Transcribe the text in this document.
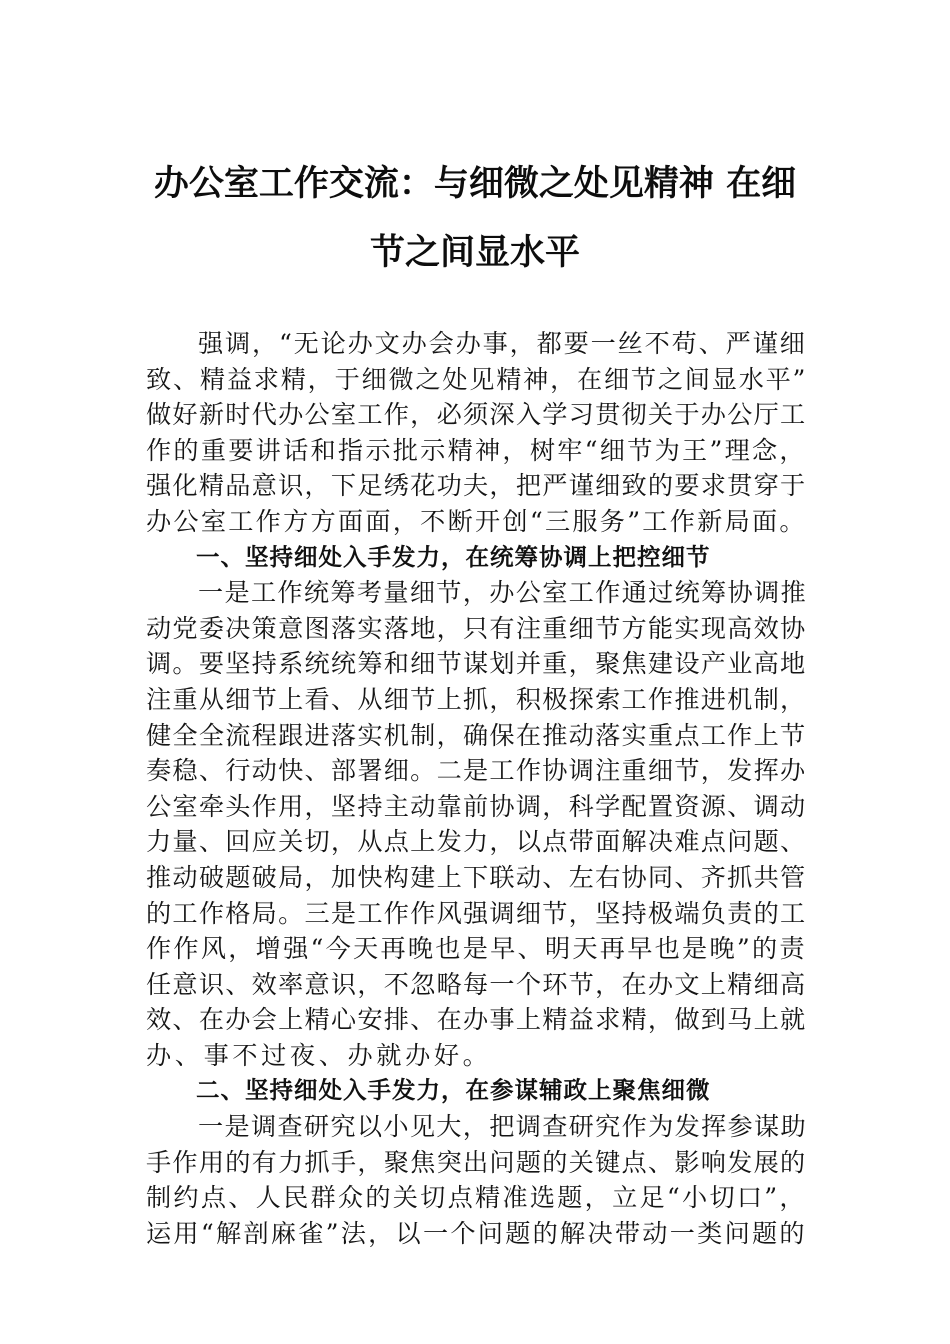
办公室工作交流：与细微之处见精神 在细
节之间显水平
强调，“无论办文办会办事，都要一丝不苟、严谨细
致、精益求精，于细微之处见精神，在细节之间显水平”
做好新时代办公室工作，必须深入学习贯彻关于办公厅工
作的重要讲话和指示批示精神，树牢“细节为王”理念，
强化精品意识，下足绣花功夫，把严谨细致的要求贯穿于
办公室工作方方面面，不断开创“三服务”工作新局面。
一、坚持细处入手发力，在统筹协调上把控细节
一是工作统筹考量细节，办公室工作通过统筹协调推
动党委决策意图落实落地，只有注重细节方能实现高效协
调。要坚持系统统筹和细节谋划并重，聚焦建设产业高地
注重从细节上看、从细节上抓，积极探索工作推进机制，
健全全流程跟进落实机制，确保在推动落实重点工作上节
奏稳、行动快、部署细。二是工作协调注重细节，发挥办
公室牵头作用，坚持主动靠前协调，科学配置资源、调动
力量、回应关切，从点上发力，以点带面解决难点问题、
推动破题破局，加快构建上下联动、左右协同、齐抓共管
的工作格局。三是工作作风强调细节，坚持极端负责的工
作作风，增强“今天再晚也是早、明天再早也是晚”的责
任意识、效率意识，不忽略每一个环节，在办文上精细高
效、在办会上精心安排、在办事上精益求精，做到马上就
办、事不过夜、办就办好。
二、坚持细处入手发力，在参谋辅政上聚焦细微
一是调查研究以小见大，把调查研究作为发挥参谋助
手作用的有力抓手，聚焦突出问题的关键点、影响发展的
制约点、人民群众的关切点精准选题，立足“小切口”，
运用“解剖麻雀”法，以一个问题的解决带动一类问题的
